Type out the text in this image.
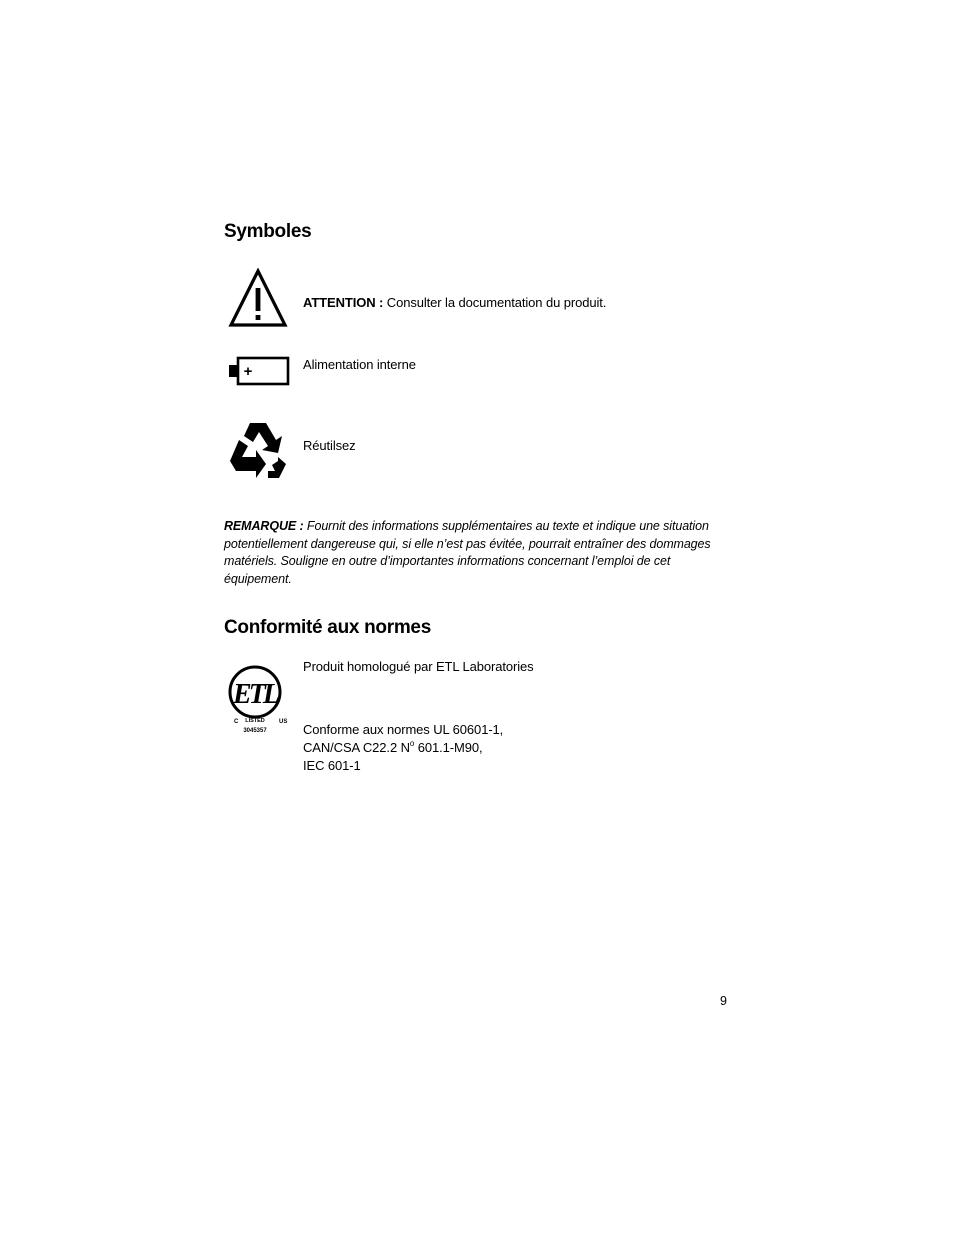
Symboles

ATTENTION : Consulter la documentation du produit.

+	Alimentation interne

Réutilsez

REMARQUE : Fournit des informations supplémentaires au texte et indique une situation potentiellement dangereuse qui, si elle n’est pas évitée, pourrait entraîner des dommages matériels. Souligne en outre d’importantes informations concernant l’emploi de cet équipement.

Conformité aux normes
ETL
C LISTED US
3045357

Produit homologué par ETL Laboratories

Conforme aux normes UL 60601-1,
CAN/CSA C22.2 $N^o$ 601.1-M90,
IEC 601-1
9
